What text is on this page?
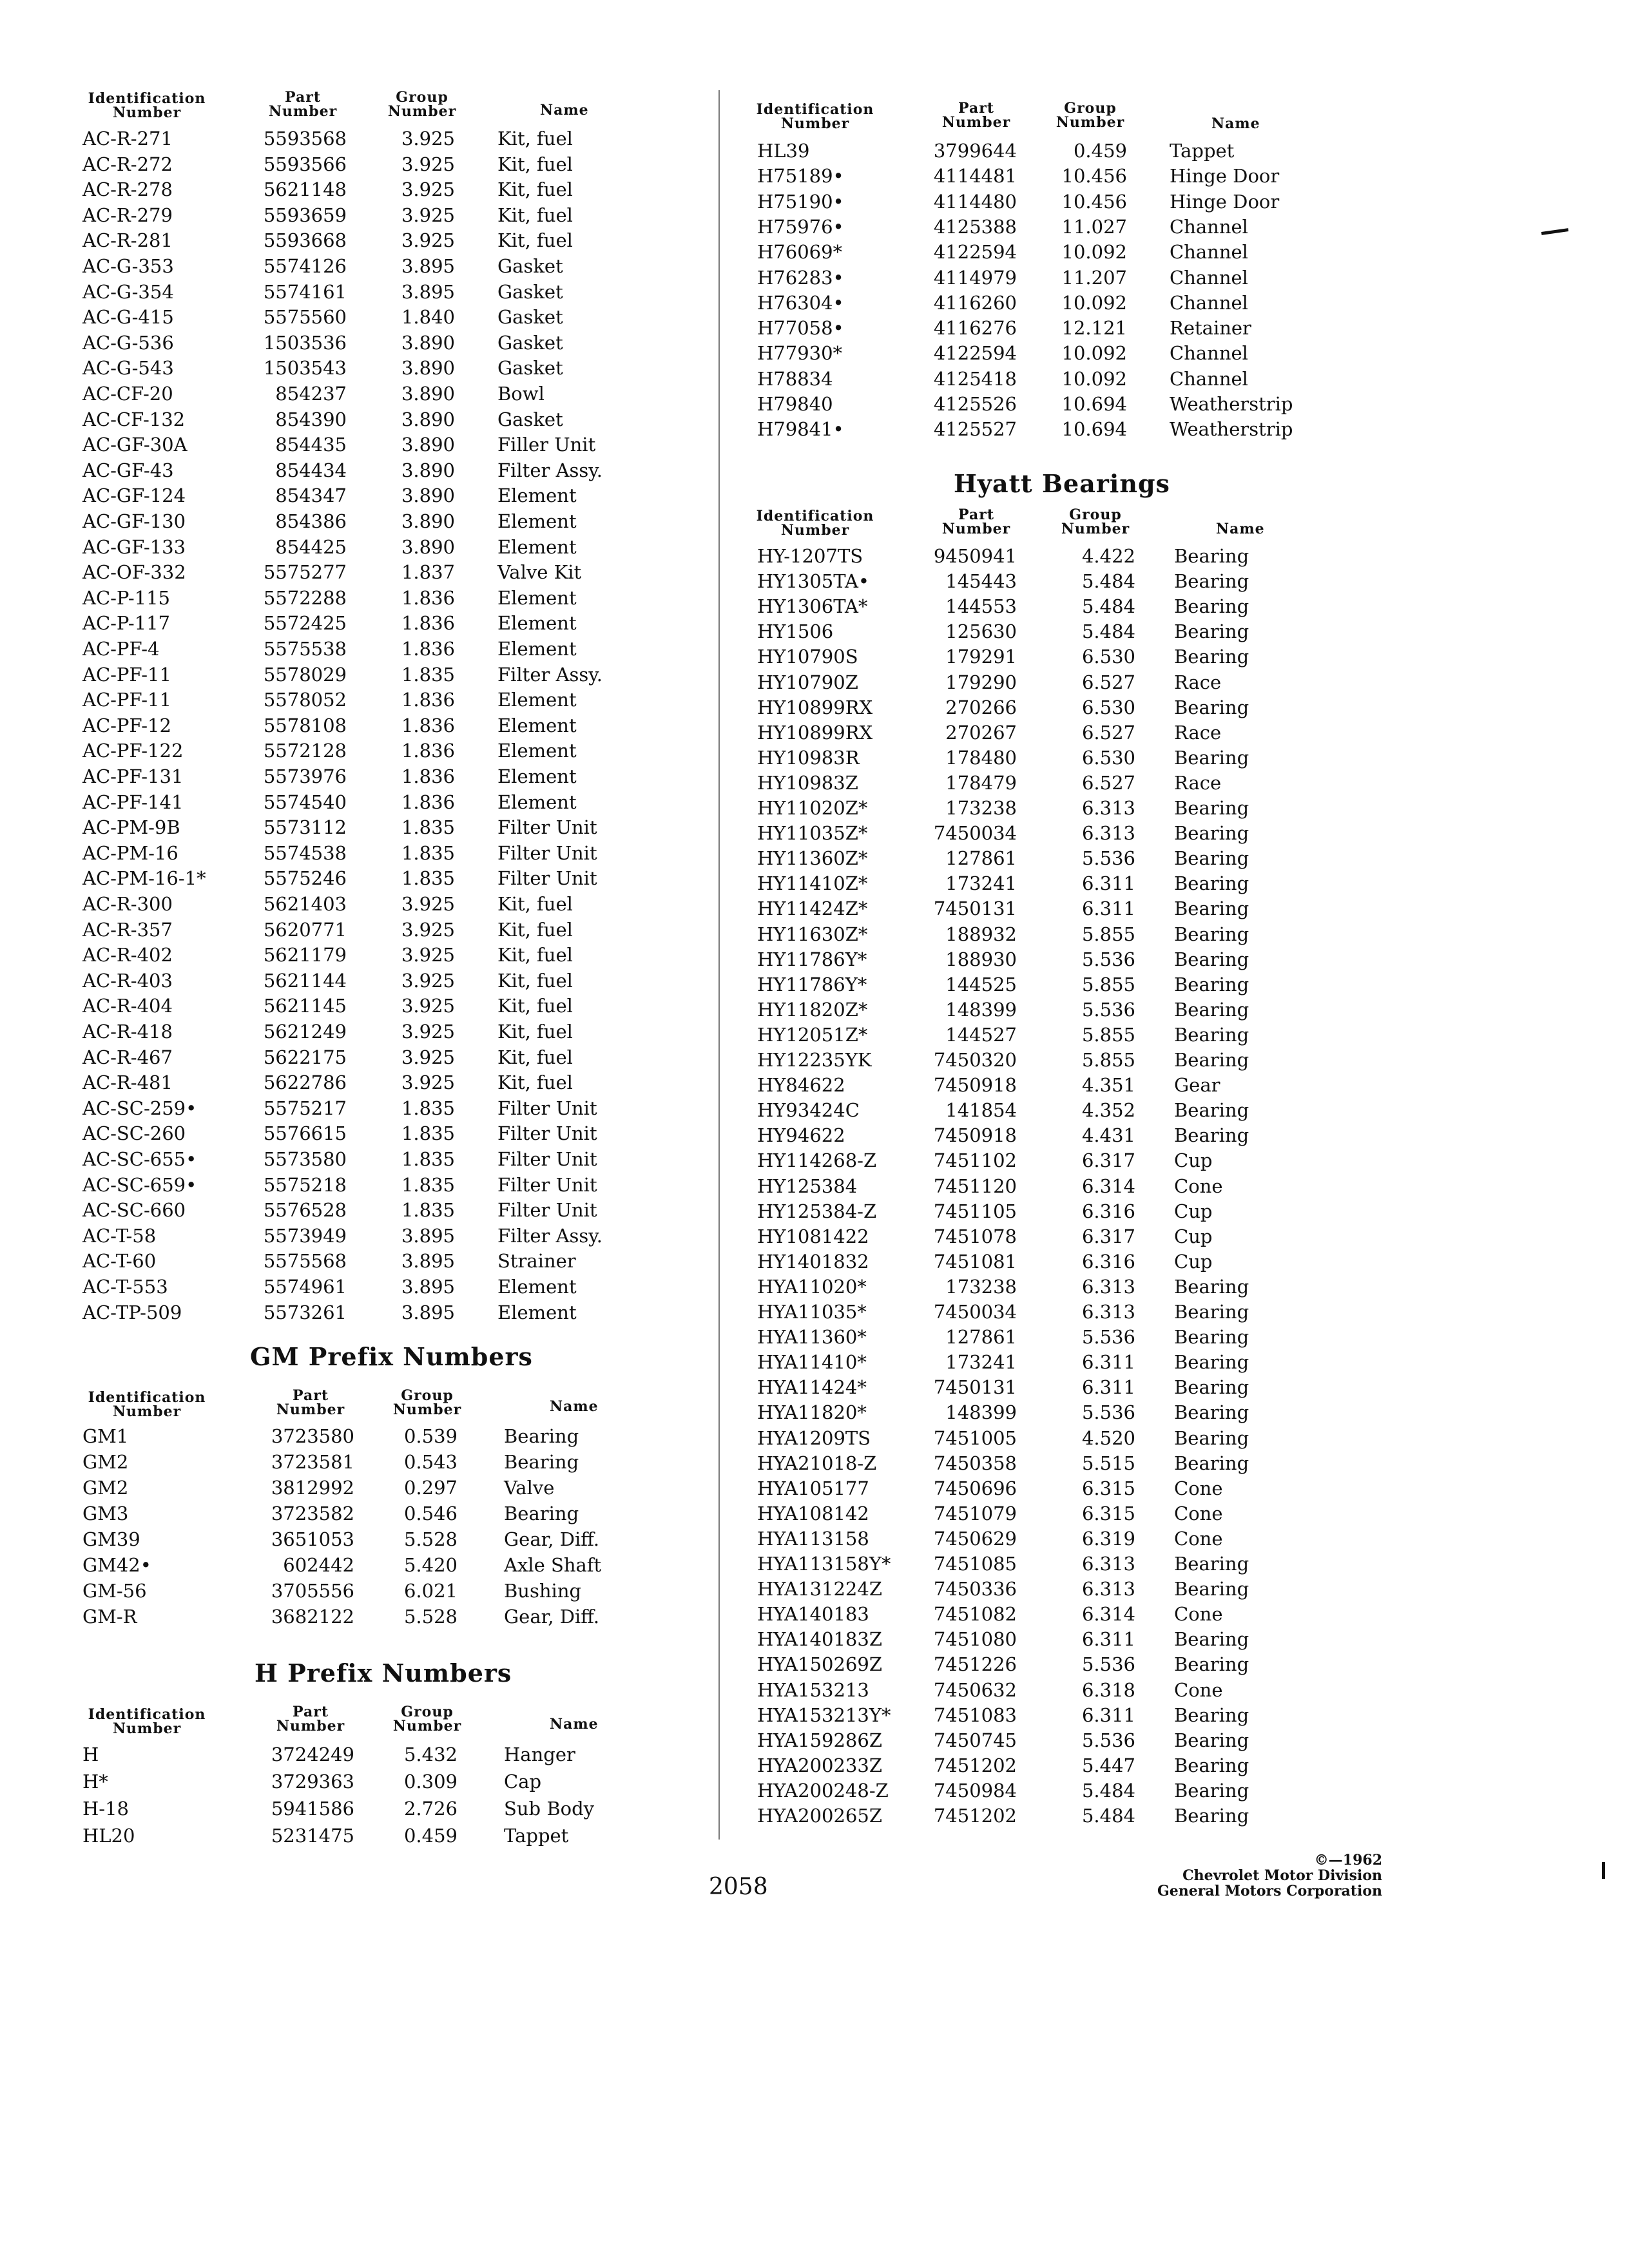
Identification
Number
Part
Number
Group
Number	Name
AC-R-271	5593568	3.925 Kit, fuel
AC-R-272	5593566	3.925 Kit, fuel
AC-R-278	5621148	3.925 Kit, fuel
AC-R-279	5593659	3.925 Kit, fuel
AC-R-281	5593668	3.925 Kit, fuel
AC-G-353	5574126	3.895 Gasket
AC-G-354	5574161	3.895 Gasket
AC-G-415	5575560	1.840 Gasket
AC-G-536	1503536	3.890 Gasket
AC-G-543	1503543	3.890 Gasket
AC-CF-20	854237	3.890 Bowl
AC-CF-132	854390	3.890 Gasket
AC-GF-30A	854435	3.890 Filler Unit
AC-GF-43	854434	3.890 Filter Assy.
AC-GF-124	854347	3.890 Element
AC-GF-130	854386	3.890 Element
AC-GF-133	854425	3.890 Element
AC-OF-332	5575277	1.837 Valve Kit
AC-P-115	5572288	1.836 Element
AC-P-117	5572425	1.836 Element
AC-PF-4	5575538	1.836 Element
AC-PF-11	5578029	1.835 Filter Assy.
AC-PF-11	5578052	1.836 Element
AC-PF-12	5578108	1.836 Element
AC-PF-122	5572128	1.836 Element
AC-PF-131	5573976	1.836 Element
AC-PF-141	5574540	1.836 Element
AC-PM-9B	5573112	1.835 Filter Unit
AC-PM-16	5574538	1.835 Filter Unit
AC-PM-16-1*	5575246	1.835 Filter Unit
AC-R-300	5621403	3.925 Kit, fuel
AC-R-357	5620771	3.925 Kit, fuel
AC-R-402	5621179	3.925 Kit, fuel
AC-R-403	5621144	3.925 Kit, fuel
AC-R-404	5621145	3.925 Kit, fuel
AC-R-418	5621249	3.925 Kit, fuel
AC-R-467	5622175	3.925 Kit, fuel
AC-R-481	5622786	3.925 Kit, fuel
AC-SC-259•	5575217	1.835 Filter Unit
AC-SC-260	5576615	1.835 Filter Unit
AC-SC-655•	5573580	1.835 Filter Unit
AC-SC-659•	5575218	1.835 Filter Unit
AC-SC-660	5576528	1.835 Filter Unit
AC-T-58	5573949	3.895 Filter Assy.
AC-T-60	5575568	3.895 Strainer
AC-T-553	5574961	3.895 Element
AC-TP-509	5573261	3.895 Element
GM Prefix Numbers
Identification
Number
Part
Number
Group
Number	Name
GM1	3723580	0.539 Bearing
GM2	3723581	0.543 Bearing
GM2	3812992	0.297 Valve
GM3	3723582	0.546 Bearing
GM39	3651053	5.528 Gear, Diff.
GM42•	602442	5.420 Axle Shaft
GM-56	3705556	6.021 Bushing
GM-R	3682122	5.528 Gear, Diff.
H Prefix Numbers
Identification
Number
Part
Number
Group
Number	Name
H	3724249	5.432 Hanger
H*	3729363	0.309 Cap
H-18	5941586	2.726 Sub Body
HL20	5231475	0.459 Tappet
Identification
Number
Part
Number
Group
Number	Name
HL39	3799644	0.459 Tappet
H75189•	4114481	10.456 Hinge Door
H75190•	4114480	10.456 Hinge Door
H75976•	4125388	11.027 Channel
H76069*	4122594	10.092 Channel
H76283•	4114979	11.207 Channel
H76304•	4116260	10.092 Channel
H77058•	4116276	12.121 Retainer
H77930*	4122594	10.092 Channel
H78834	4125418	10.092 Channel
H79840	4125526	10.694 Weatherstrip
H79841•	4125527	10.694 Weatherstrip
Hyatt Bearings
Identification
Number
Part
Number
Group
Number	Name
HY-1207TS	9450941	4.422 Bearing
HY1305TA•	145443	5.484 Bearing
HY1306TA*	144553	5.484 Bearing
HY1506	125630	5.484 Bearing
HY10790S	179291	6.530 Bearing
HY10790Z	179290	6.527 Race
HY10899RX	270266	6.530 Bearing
HY10899RX	270267	6.527 Race
HY10983R	178480	6.530 Bearing
HY10983Z	178479	6.527 Race
HY11020Z*	173238	6.313 Bearing
HY11035Z*	7450034	6.313 Bearing
HY11360Z*	127861	5.536 Bearing
HY11410Z*	173241	6.311 Bearing
HY11424Z*	7450131	6.311 Bearing
HY11630Z*	188932	5.855 Bearing
HY11786Y*	188930	5.536 Bearing
HY11786Y*	144525	5.855 Bearing
HY11820Z*	148399	5.536 Bearing
HY12051Z*	144527	5.855 Bearing
HY12235YK	7450320	5.855 Bearing
HY84622	7450918	4.351 Gear
HY93424C	141854	4.352 Bearing
HY94622	7450918	4.431 Bearing
HY114268-Z	7451102	6.317 Cup
HY125384	7451120	6.314 Cone
HY125384-Z	7451105	6.316 Cup
HY1081422	7451078	6.317 Cup
HY1401832	7451081	6.316 Cup
HYA11020*	173238	6.313 Bearing
HYA11035*	7450034	6.313 Bearing
HYA11360*	127861	5.536 Bearing
HYA11410*	173241	6.311 Bearing
HYA11424*	7450131	6.311 Bearing
HYA11820*	148399	5.536 Bearing
HYA1209TS	7451005	4.520 Bearing
HYA21018-Z	7450358	5.515 Bearing
HYA105177	7450696	6.315 Cone
HYA108142	7451079	6.315 Cone
HYA113158	7450629	6.319 Cone
HYA113158Y*	7451085	6.313 Bearing
HYA131224Z	7450336	6.313 Bearing
HYA140183	7451082	6.314 Cone
HYA140183Z	7451080	6.311 Bearing
HYA150269Z	7451226	5.536 Bearing
HYA153213	7450632	6.318 Cone
HYA153213Y*	7451083	6.311 Bearing
HYA159286Z	7450745	5.536 Bearing
HYA200233Z	7451202	5.447 Bearing
HYA200248-Z	7450984	5.484 Bearing
HYA200265Z	7451202	5.484 Bearing
2058
©—1962
Chevrolet Motor Division
General Motors Corporation
